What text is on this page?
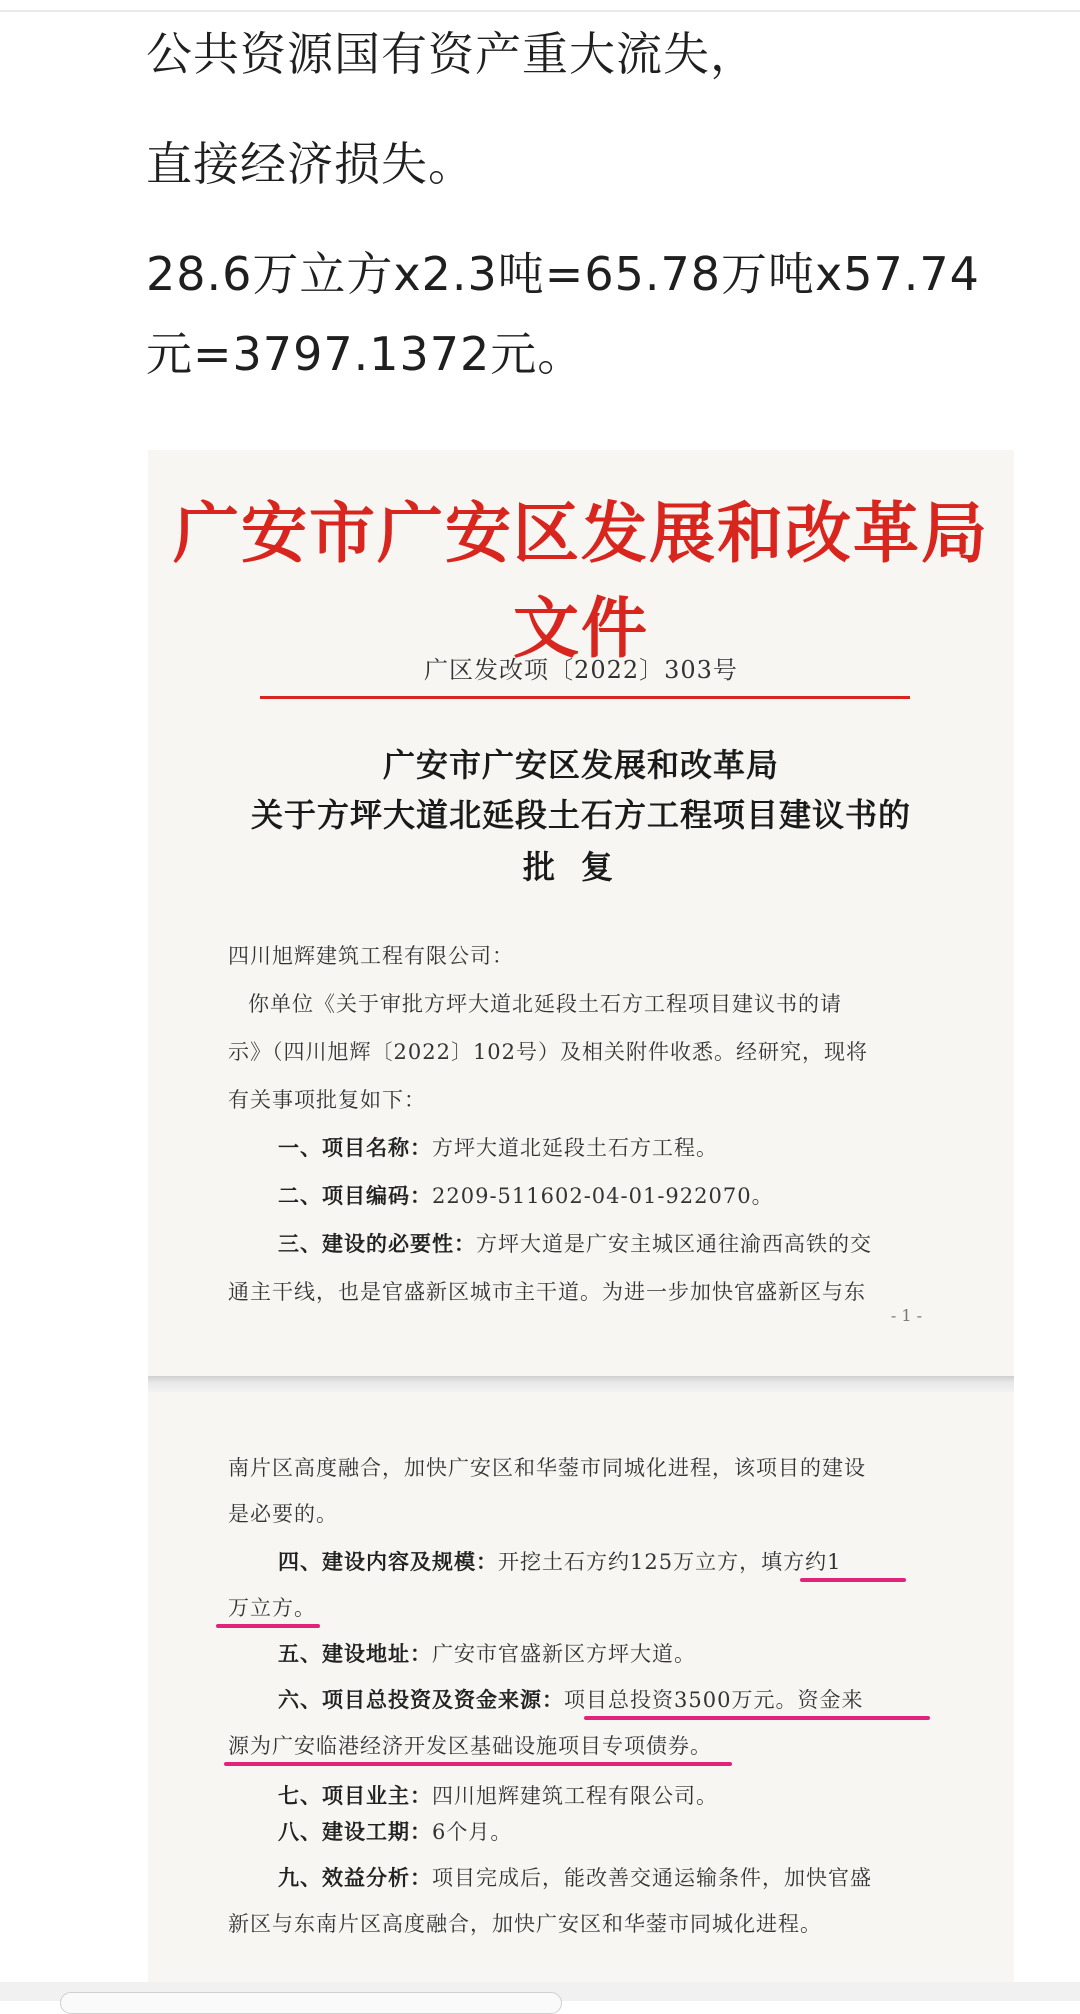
公共资源国有资产重大流失，

直接经济损失。

28.6万立方x2.3吨=65.78万吨x57.74

元=3797.1372元。

广安市广安区发展和改革局文件
广区发改项〔2022〕303号
广安市广安区发展和改革局
关于方坪大道北延段土石方工程项目建议书的
批复
四川旭辉建筑工程有限公司：
你单位《关于审批方坪大道北延段土石方工程项目建议书的请
示》（四川旭辉〔2022〕102号）及相关附件收悉。经研究，现将
有关事项批复如下：
一、项目名称：方坪大道北延段土石方工程。
二、项目编码：2209-511602-04-01-922070。
三、建设的必要性：方坪大道是广安主城区通往渝西高铁的交
通主干线，也是官盛新区城市主干道。为进一步加快官盛新区与东
- 1 -
南片区高度融合，加快广安区和华蓥市同城化进程，该项目的建设
是必要的。
四、建设内容及规模：开挖土石方约125万立方，填方约1
万立方。
五、建设地址：广安市官盛新区方坪大道。
六、项目总投资及资金来源：项目总投资3500万元。资金来
源为广安临港经济开发区基础设施项目专项债券。
七、项目业主：四川旭辉建筑工程有限公司。
八、建设工期：6个月。
九、效益分析：项目完成后，能改善交通运输条件，加快官盛
新区与东南片区高度融合，加快广安区和华蓥市同城化进程。
